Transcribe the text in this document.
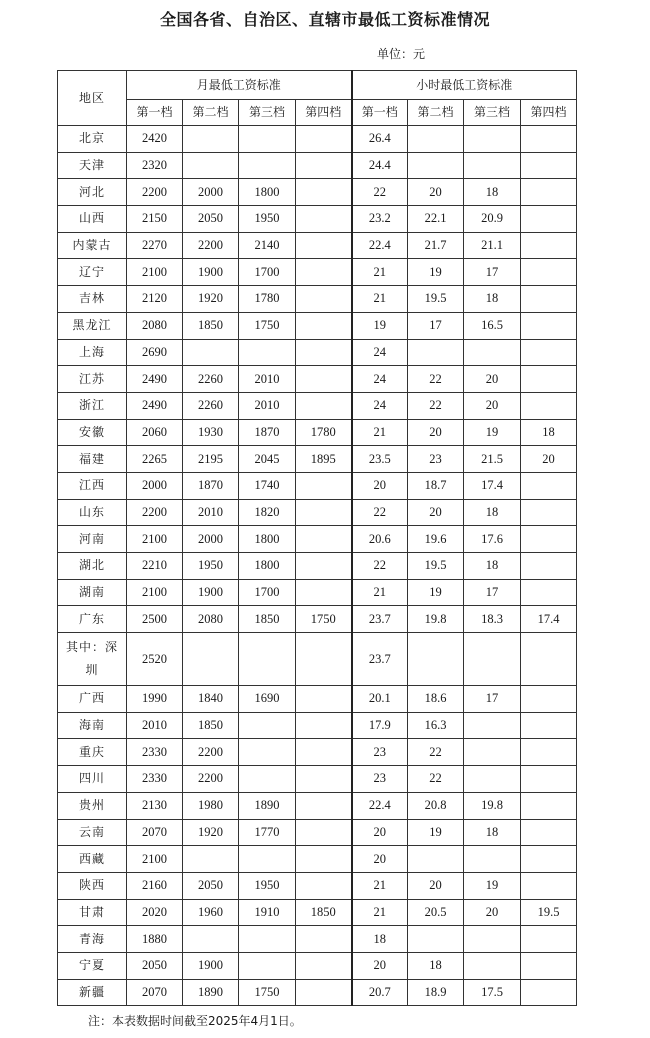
全国各省、自治区、直辖市最低工资标准情况
单位：元
地区	月最低工资标准				小时最低工资标准			
	第一档	第二档	第三档	第四档	第一档	第二档	第三档	第四档
北京	2420				26.4			
天津	2320				24.4			
河北	2200	2000	1800		22	20	18	
山西	2150	2050	1950		23.2	22.1	20.9	
内蒙古	2270	2200	2140		22.4	21.7	21.1	
辽宁	2100	1900	1700		21	19	17	
吉林	2120	1920	1780		21	19.5	18	
黑龙江	2080	1850	1750		19	17	16.5	
上海	2690				24			
江苏	2490	2260	2010		24	22	20	
浙江	2490	2260	2010		24	22	20	
安徽	2060	1930	1870	1780	21	20	19	18
福建	2265	2195	2045	1895	23.5	23	21.5	20
江西	2000	1870	1740		20	18.7	17.4	
山东	2200	2010	1820		22	20	18	
河南	2100	2000	1800		20.6	19.6	17.6	
湖北	2210	1950	1800		22	19.5	18	
湖南	2100	1900	1700		21	19	17	
广东	2500	2080	1850	1750	23.7	19.8	18.3	17.4

其中：深
圳	2520				23.7			
广西	1990	1840	1690		20.1	18.6	17	
海南	2010	1850			17.9	16.3		
重庆	2330	2200			23	22		
四川	2330	2200			23	22		
贵州	2130	1980	1890		22.4	20.8	19.8	
云南	2070	1920	1770		20	19	18	
西藏	2100				20			
陕西	2160	2050	1950		21	20	19	
甘肃	2020	1960	1910	1850	21	20.5	20	19.5
青海	1880				18			
宁夏	2050	1900			20	18		
新疆	2070	1890	1750		20.7	18.9	17.5	
注：本表数据时间截至2025年4月1日。
